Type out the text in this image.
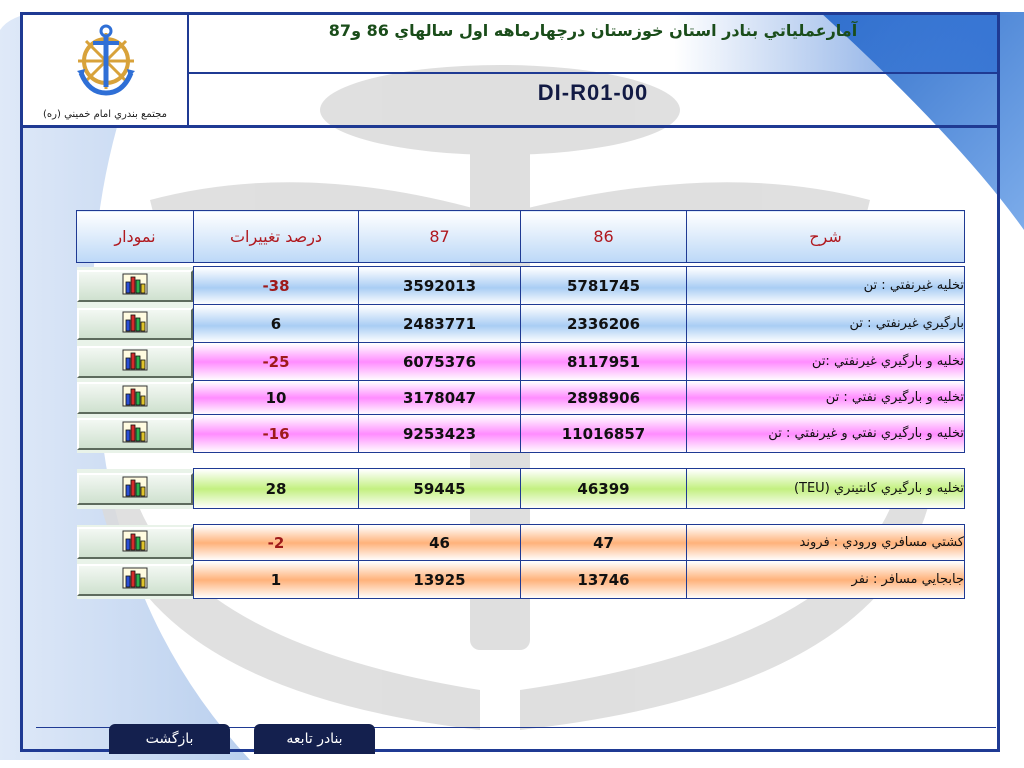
مجتمع بندري امام خميني (ره)
آمارعملياتي بنادر استان خوزستان درچهارماهه اول سالهاي 86 و87
DI-R01-00
نمودار	درصد تغييرات	87	86	شرح

	-38	3592013	5781745	تخليه غيرنفتي : تن

	6	2483771	2336206	بارگيري غيرنفتي : تن

	-25	6075376	8117951	تخليه و بارگيري غيرنفتي :تن

	10	3178047	2898906	تخليه و بارگيري نفتي : تن

	-16	9253423	11016857	تخليه و بارگيري نفتي و غيرنفتي : تن

	28	59445	46399	تخليه و بارگيري كانتينري (TEU)

	-2	46	47	كشتي مسافري ورودي : فروند

	1	13925	13746	جابجايي مسافر : نفر
بازگشت	بنادر تابعه
